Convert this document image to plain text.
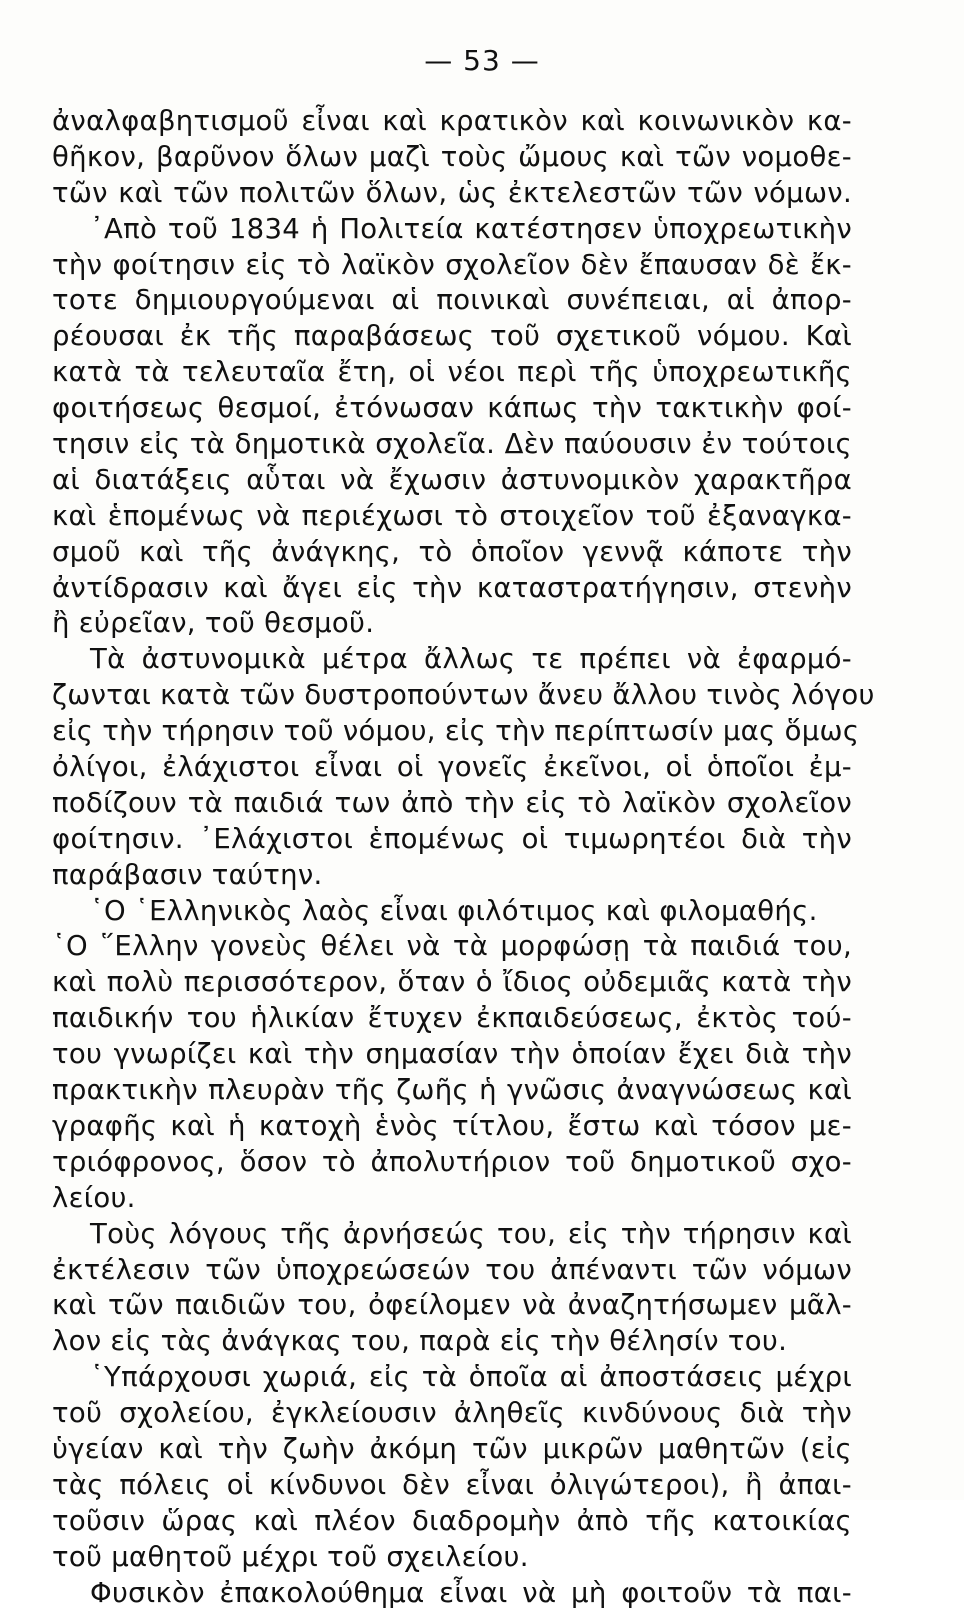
— 53 —
ἀναλφαβητισμοῦ εἶναι καὶ κρατικὸν καὶ κοινωνικὸν κα-
θῆκον, βαρῦνον ὅλων μαζὶ τοὺς ὤμους καὶ τῶν νομοθε-
τῶν καὶ τῶν πολιτῶν ὅλων, ὡς ἐκτελεστῶν τῶν νόμων.
᾿Απὸ τοῦ 1834 ἡ Πολιτεία κατέστησεν ὑποχρεωτικὴν
τὴν φοίτησιν εἰς τὸ λαϊκὸν σχολεῖον δὲν ἔπαυσαν δὲ ἔκ-
τοτε δημιουργούμεναι αἱ ποινικαὶ συνέπειαι, αἱ ἀπορ-
ρέουσαι ἐκ τῆς παραβάσεως τοῦ σχετικοῦ νόμου. Καὶ
κατὰ τὰ τελευταῖα ἔτη, οἱ νέοι περὶ τῆς ὑποχρεωτικῆς
φοιτήσεως θεσμοί, ἐτόνωσαν κάπως τὴν τακτικὴν φοί-
τησιν εἰς τὰ δημοτικὰ σχολεῖα. Δὲν παύουσιν ἐν τούτοις
αἱ διατάξεις αὗται νὰ ἔχωσιν ἀστυνομικὸν χαρακτῆρα
καὶ ἑπομένως νὰ περιέχωσι τὸ στοιχεῖον τοῦ ἐξαναγκα-
σμοῦ καὶ τῆς ἀνάγκης, τὸ ὁποῖον γεννᾷ κάποτε τὴν
ἀντίδρασιν καὶ ἄγει εἰς τὴν καταστρατήγησιν, στενὴν
ἢ εὐρεῖαν, τοῦ θεσμοῦ.
Τὰ ἀστυνομικὰ μέτρα ἄλλως τε πρέπει νὰ ἐφαρμό-
ζωνται κατὰ τῶν δυστροπούντων ἄνευ ἄλλου τινὸς λόγου
εἰς τὴν τήρησιν τοῦ νόμου, εἰς τὴν περίπτωσίν μας ὅμως
ὀλίγοι, ἐλάχιστοι εἶναι οἱ γονεῖς ἐκεῖνοι, οἱ ὁποῖοι ἐμ-
ποδίζουν τὰ παιδιά των ἀπὸ τὴν εἰς τὸ λαϊκὸν σχολεῖον
φοίτησιν. ᾿Ελάχιστοι ἑπομένως οἱ τιμωρητέοι διὰ τὴν
παράβασιν ταύτην.
῾Ο ῾Ελληνικὸς λαὸς εἶναι φιλότιμος καὶ φιλομαθής.
῾Ο ῞Ελλην γονεὺς θέλει νὰ τὰ μορφώσῃ τὰ παιδιά του,
καὶ πολὺ περισσότερον, ὅταν ὁ ἴδιος οὐδεμιᾶς κατὰ τὴν
παιδικήν του ἡλικίαν ἔτυχεν ἐκπαιδεύσεως, ἐκτὸς τού-
του γνωρίζει καὶ τὴν σημασίαν τὴν ὁποίαν ἔχει διὰ τὴν
πρακτικὴν πλευρὰν τῆς ζωῆς ἡ γνῶσις ἀναγνώσεως καὶ
γραφῆς καὶ ἡ κατοχὴ ἑνὸς τίτλου, ἔστω καὶ τόσον με-
τριόφρονος, ὅσον τὸ ἀπολυτήριον τοῦ δημοτικοῦ σχο-
λείου.
Τοὺς λόγους τῆς ἀρνήσεώς του, εἰς τὴν τήρησιν καὶ
ἐκτέλεσιν τῶν ὑποχρεώσεών του ἀπέναντι τῶν νόμων
καὶ τῶν παιδιῶν του, ὀφείλομεν νὰ ἀναζητήσωμεν μᾶλ-
λον εἰς τὰς ἀνάγκας του, παρὰ εἰς τὴν θέλησίν του.
῾Υπάρχουσι χωριά, εἰς τὰ ὁποῖα αἱ ἀποστάσεις μέχρι
τοῦ σχολείου, ἐγκλείουσιν ἀληθεῖς κινδύνους διὰ τὴν
ὑγείαν καὶ τὴν ζωὴν ἀκόμη τῶν μικρῶν μαθητῶν (εἰς
τὰς πόλεις οἱ κίνδυνοι δὲν εἶναι ὀλιγώτεροι), ἢ ἀπαι-
τοῦσιν ὥρας καὶ πλέον διαδρομὴν ἀπὸ τῆς κατοικίας
τοῦ μαθητοῦ μέχρι τοῦ σχειλείου.
Φυσικὸν ἐπακολούθημα εἶναι νὰ μὴ φοιτοῦν τὰ παι-
